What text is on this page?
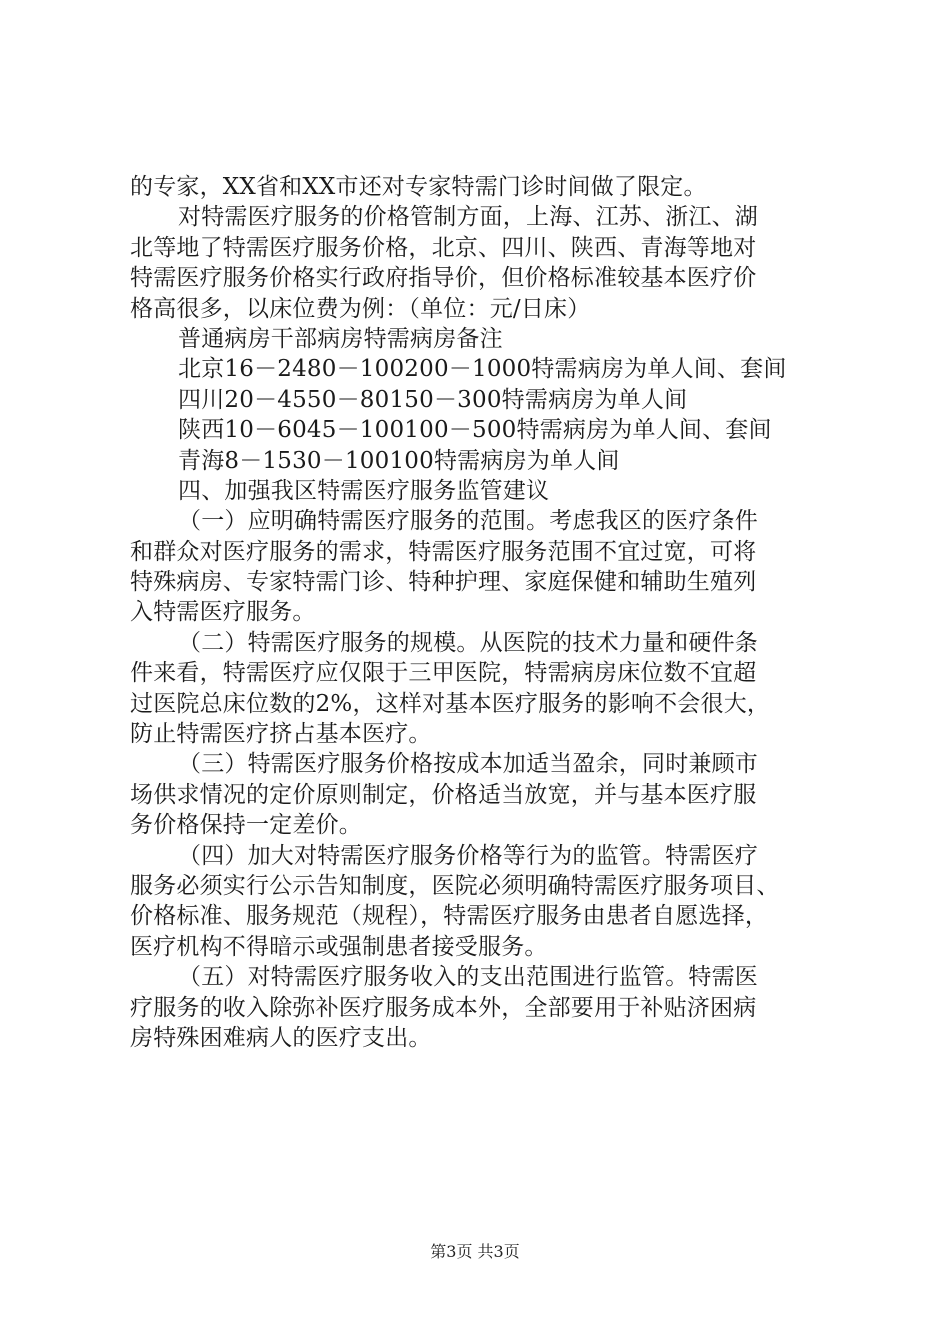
的专家，XX省和XX市还对专家特需门诊时间做了限定。
对特需医疗服务的价格管制方面，上海、江苏、浙江、湖
北等地了特需医疗服务价格，北京、四川、陕西、青海等地对
特需医疗服务价格实行政府指导价，但价格标准较基本医疗价
格高很多，以床位费为例：（单位：元/日床）
普通病房干部病房特需病房备注
北京16－2480－100200－1000特需病房为单人间、套间
四川20－4550－80150－300特需病房为单人间
陕西10－6045－100100－500特需病房为单人间、套间
青海8－1530－100100特需病房为单人间
四、加强我区特需医疗服务监管建议
（一）应明确特需医疗服务的范围。考虑我区的医疗条件
和群众对医疗服务的需求，特需医疗服务范围不宜过宽，可将
特殊病房、专家特需门诊、特种护理、家庭保健和辅助生殖列
入特需医疗服务。
（二）特需医疗服务的规模。从医院的技术力量和硬件条
件来看，特需医疗应仅限于三甲医院，特需病房床位数不宜超
过医院总床位数的2%，这样对基本医疗服务的影响不会很大，
防止特需医疗挤占基本医疗。
（三）特需医疗服务价格按成本加适当盈余，同时兼顾市
场供求情况的定价原则制定，价格适当放宽，并与基本医疗服
务价格保持一定差价。
（四）加大对特需医疗服务价格等行为的监管。特需医疗
服务必须实行公示告知制度，医院必须明确特需医疗服务项目、
价格标准、服务规范（规程），特需医疗服务由患者自愿选择，
医疗机构不得暗示或强制患者接受服务。
（五）对特需医疗服务收入的支出范围进行监管。特需医
疗服务的收入除弥补医疗服务成本外，全部要用于补贴济困病
房特殊困难病人的医疗支出。
第3页 共3页
